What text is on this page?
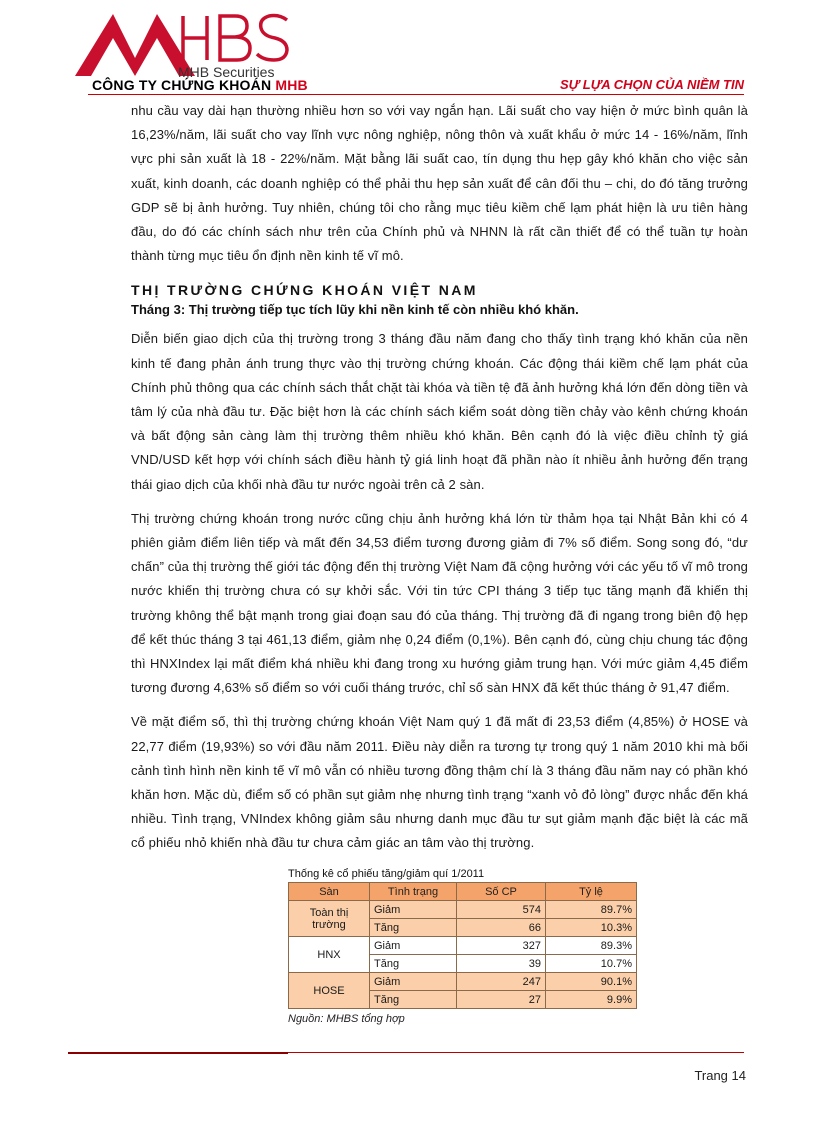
MHB Securities
CÔNG TY CHỨNG KHOÁN MHB	SỰ LỰA CHỌN CỦA NIỀM TIN

nhu cầu vay dài hạn thường nhiều hơn so với vay ngắn hạn. Lãi suất cho vay hiện ở mức bình quân là 16,23%/năm, lãi suất cho vay lĩnh vực nông nghiệp, nông thôn và xuất khẩu ở mức 14 - 16%/năm, lĩnh vực phi sản xuất là 18 - 22%/năm. Mặt bằng lãi suất cao, tín dụng thu hẹp gây khó khăn cho việc sản xuất, kinh doanh, các doanh nghiệp có thể phải thu hẹp sản xuất để cân đối thu – chi, do đó tăng trưởng GDP sẽ bị ảnh hưởng. Tuy nhiên, chúng tôi cho rằng mục tiêu kiềm chế lạm phát hiện là ưu tiên hàng đầu, do đó các chính sách như trên của Chính phủ và NHNN là rất cần thiết để có thể tuần tự hoàn thành từng mục tiêu ổn định nền kinh tế vĩ mô.

THỊ TRƯỜNG CHỨNG KHOÁN VIỆT NAM
Tháng 3: Thị trường tiếp tục tích lũy khi nền kinh tế còn nhiều khó khăn.

Diễn biến giao dịch của thị trường trong 3 tháng đầu năm đang cho thấy tình trạng khó khăn của nền kinh tế đang phản ánh trung thực vào thị trường chứng khoán. Các động thái kiềm chế lạm phát của Chính phủ thông qua các chính sách thắt chặt tài khóa và tiền tệ đã ảnh hưởng khá lớn đến dòng tiền và tâm lý của nhà đầu tư. Đặc biệt hơn là các chính sách kiểm soát dòng tiền chảy vào kênh chứng khoán và bất động sản càng làm thị trường thêm nhiều khó khăn. Bên cạnh đó là việc điều chỉnh tỷ giá VND/USD kết hợp với chính sách điều hành tỷ giá linh hoạt đã phần nào ít nhiều ảnh hưởng đến trạng thái giao dịch của khối nhà đầu tư nước ngoài trên cả 2 sàn.

Thị trường chứng khoán trong nước cũng chịu ảnh hưởng khá lớn từ thảm họa tại Nhật Bản khi có 4 phiên giảm điểm liên tiếp và mất đến 34,53 điểm tương đương giảm đi 7% số điểm. Song song đó, “dư chấn” của thị trường thế giới tác động đến thị trường Việt Nam đã cộng hưởng với các yếu tố vĩ mô trong nước khiến thị trường chưa có sự khởi sắc. Với tin tức CPI tháng 3 tiếp tục tăng mạnh đã khiến thị trường không thể bật mạnh trong giai đoạn sau đó của tháng. Thị trường đã đi ngang trong biên độ hẹp để kết thúc tháng 3 tại 461,13 điểm, giảm nhẹ 0,24 điểm (0,1%). Bên cạnh đó, cùng chịu chung tác động thì HNXIndex lại mất điểm khá nhiều khi đang trong xu hướng giảm trung hạn. Với mức giảm 4,45 điểm tương đương 4,63% số điểm so với cuối tháng trước, chỉ số sàn HNX đã kết thúc tháng ở 91,47 điểm.

Về mặt điểm số, thì thị trường chứng khoán Việt Nam quý 1 đã mất đi 23,53 điểm (4,85%) ở HOSE và 22,77 điểm (19,93%) so với đầu năm 2011. Điều này diễn ra tương tự trong quý 1 năm 2010 khi mà bối cảnh tình hình nền kinh tế vĩ mô vẫn có nhiều tương đồng thậm chí là 3 tháng đầu năm nay có phần khó khăn hơn. Mặc dù, điểm số có phần sụt giảm nhẹ nhưng tình trạng “xanh vỏ đỏ lòng” được nhắc đến khá nhiều. Tình trạng, VNIndex không giảm sâu nhưng danh mục đầu tư sụt giảm mạnh đặc biệt là các mã cổ phiếu nhỏ khiến nhà đầu tư chưa cảm giác an tâm vào thị trường.

Thống kê cổ phiếu tăng/giảm quí 1/2011
Sàn	Tình trạng	Số CP	Tỷ lệ
Toàn thị trường	Giảm	574	89.7%
	Tăng	66	10.3%
HNX	Giảm	327	89.3%
	Tăng	39	10.7%
HOSE	Giảm	247	90.1%
	Tăng	27	9.9%
Nguồn: MHBS tổng hợp
Trang 14
